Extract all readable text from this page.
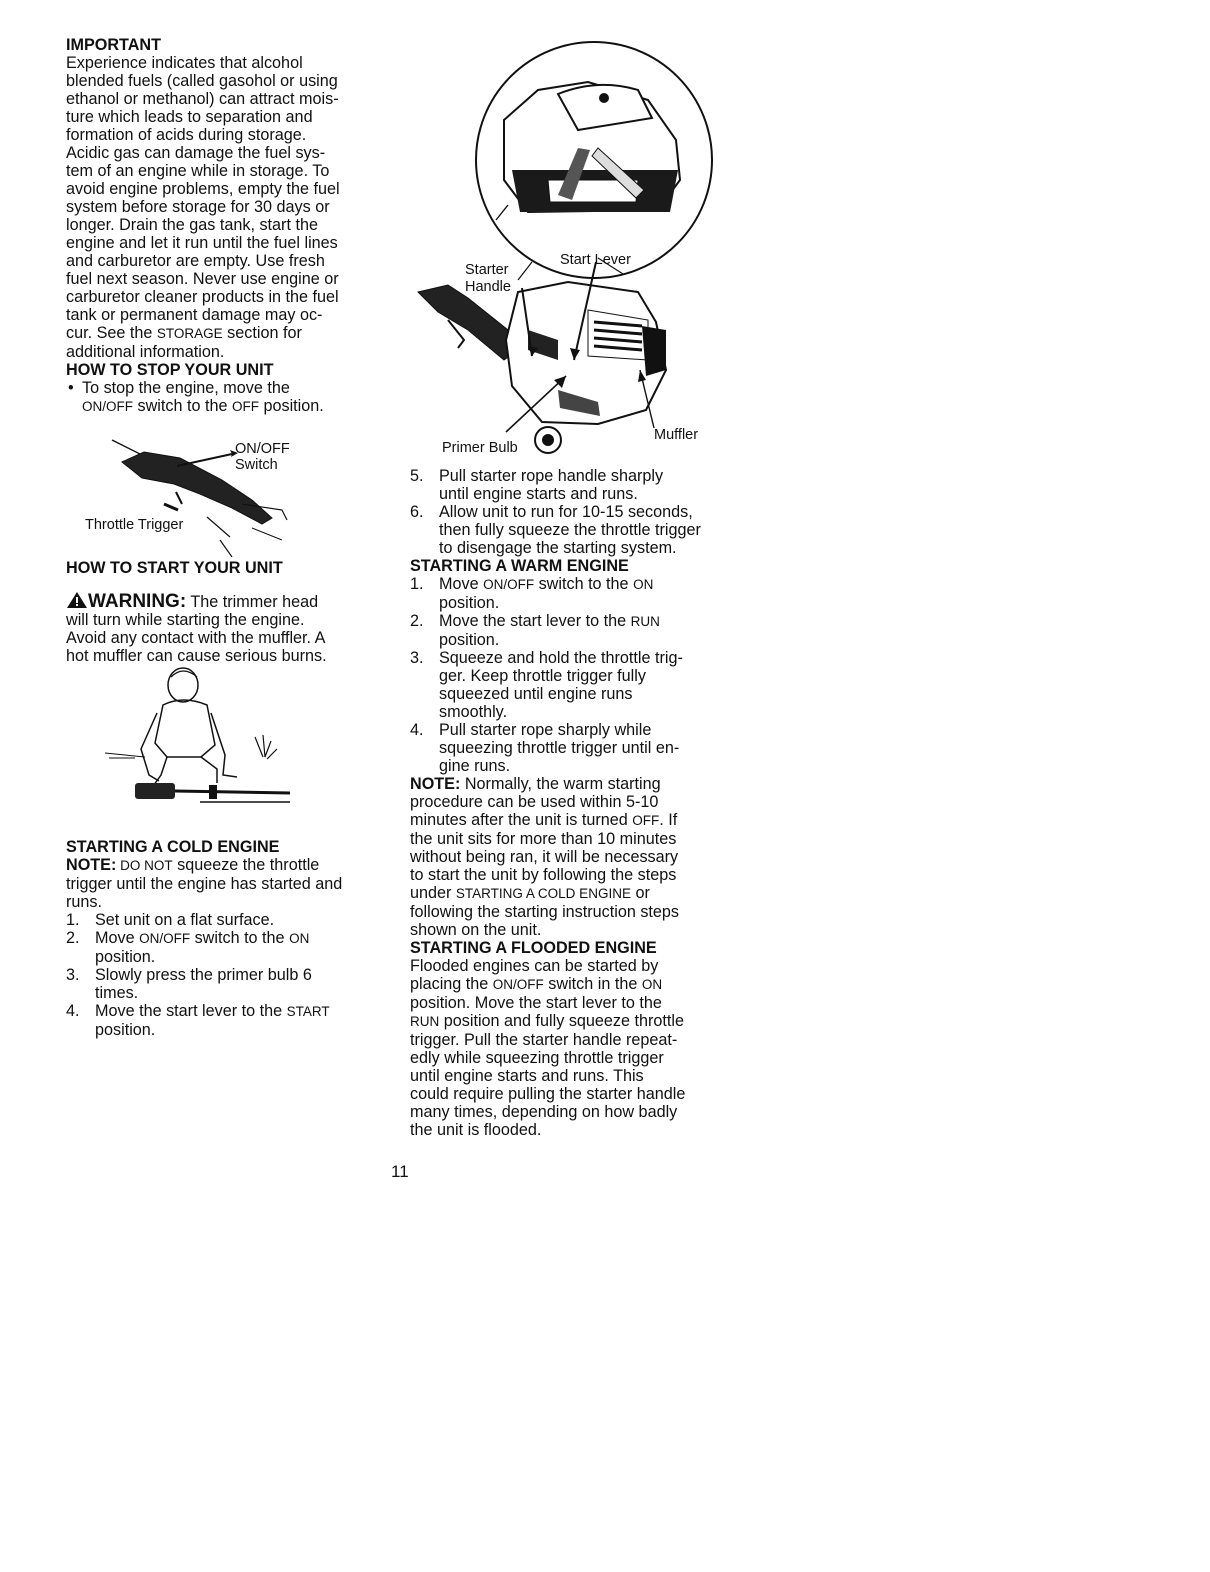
IMPORTANT

Experience indicates that alcohol
blended fuels (called gasohol or using
ethanol or methanol) can attract mois-
ture which leads to separation and
formation of acids during storage.
Acidic gas can damage the fuel sys-
tem of an engine while in storage. To
avoid engine problems, empty the fuel
system before storage for 30 days or
longer. Drain the gas tank, start the
engine and let it run until the fuel lines
and carburetor are empty. Use fresh
fuel next season. Never use engine or
carburetor cleaner products in the fuel
tank or permanent damage may oc-
cur. See the STORAGE section for
additional information.

HOW TO STOP YOUR UNIT

• To stop the engine, move the
ON/OFF switch to the OFF position.
ON/OFF
Switch
Throttle Trigger

HOW TO START YOUR UNIT

WARNING: The trimmer head
will turn while starting the engine.
Avoid any contact with the muffler. A
hot muffler can cause serious burns.

STARTING A COLD ENGINE

NOTE: DO NOT squeeze the throttle
trigger until the engine has started and
runs.
1. Set unit on a flat surface.
2. Move ON/OFF switch to the ON
position.
3. Slowly press the primer bulb 6
times.
4. Move the start lever to the START
position.
Starter
Handle
Start Lever
Primer Bulb
Muffler
5. Pull starter rope handle sharply
until engine starts and runs.
6. Allow unit to run for 10-15 seconds,
then fully squeeze the throttle trigger
to disengage the starting system.

STARTING A WARM ENGINE

1. Move ON/OFF switch to the ON
position.
2. Move the start lever to the RUN
position.
3. Squeeze and hold the throttle trig-
ger. Keep throttle trigger fully
squeezed until engine runs
smoothly.
4. Pull starter rope sharply while
squeezing throttle trigger until en-
gine runs.
NOTE: Normally, the warm starting
procedure can be used within 5-10
minutes after the unit is turned OFF. If
the unit sits for more than 10 minutes
without being ran, it will be necessary
to start the unit by following the steps
under STARTING A COLD ENGINE or
following the starting instruction steps
shown on the unit.

STARTING A FLOODED ENGINE

Flooded engines can be started by
placing the ON/OFF switch in the ON
position. Move the start lever to the
RUN position and fully squeeze throttle
trigger. Pull the starter handle repeat-
edly while squeezing throttle trigger
until engine starts and runs. This
could require pulling the starter handle
many times, depending on how badly
the unit is flooded.
11
